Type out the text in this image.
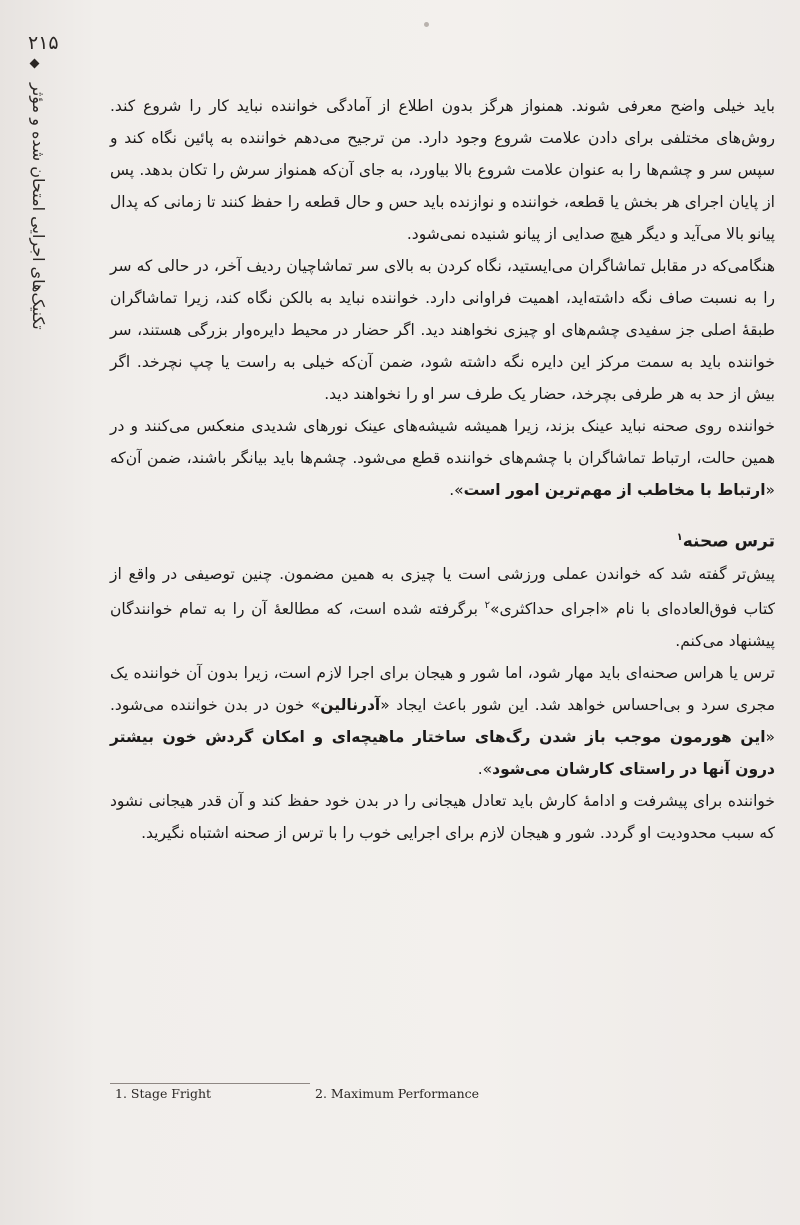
۲۱۵
تکنیک‌های اجرایی امتحان شده و مؤثر	باید خیلی واضح معرفی شوند. همنواز هرگز بدون اطلاع از آمادگی خواننده نباید کار را شروع کند. روش‌های مختلفی برای دادن علامت شروع وجود دارد. من ترجیح می‌دهم خواننده به پائین نگاه کند و سپس سر و چشم‌ها را به عنوان علامت شروع بالا بیاورد، به جای آن‌که همنواز سرش را تکان بدهد. پس از پایان اجرای هر بخش یا قطعه، خواننده و نوازنده باید حس و حال قطعه را حفظ کنند تا زمانی که پدال پیانو بالا می‌آید و دیگر هیچ صدایی از پیانو شنیده نمی‌شود.

هنگامی‌که در مقابل تماشاگران می‌ایستید، نگاه کردن به بالای سر تماشاچیان ردیف آخر، در حالی که سر را به نسبت صاف نگه داشته‌اید، اهمیت فراوانی دارد. خواننده نباید به بالکن نگاه کند، زیرا تماشاگران طبقهٔ اصلی جز سفیدی چشم‌های او چیزی نخواهند دید. اگر حضار در محیط دایره‌وار بزرگی هستند، سر خواننده باید به سمت مرکز این دایره نگه داشته شود، ضمن آن‌که خیلی به راست یا چپ نچرخد. اگر بیش از حد به هر طرفی بچرخد، حضار یک طرف سر او را نخواهند دید.

خواننده روی صحنه نباید عینک بزند، زیرا همیشه شیشه‌های عینک نورهای شدیدی منعکس می‌کنند و در همین حالت، ارتباط تماشاگران با چشم‌های خواننده قطع می‌شود. چشم‌ها باید بیانگر باشند، ضمن آن‌که «ارتباط با مخاطب از مهم‌ترین امور است».

ترس صحنه$^۱$

پیش‌تر گفته شد که خواندن عملی ورزشی است یا چیزی به همین مضمون. چنین توصیفی در واقع از کتاب فوق‌العاده‌ای با نام «اجرای حداکثری»$^۲$ برگرفته شده است، که مطالعهٔ آن را به تمام خوانندگان پیشنهاد می‌کنم.

ترس یا هراس صحنه‌ای باید مهار شود، اما شور و هیجان برای اجرا لازم است، زیرا بدون آن خواننده یک مجری سرد و بی‌احساس خواهد شد. این شور باعث ایجاد «آدرنالین» خون در بدن خواننده می‌شود. «این هورمون موجب باز شدن رگ‌های ساختار ماهیچه‌ای و امکان گردش خون بیشتر درون آنها در راستای کارشان می‌شود».

خواننده برای پیشرفت و ادامهٔ کارش باید تعادل هیجانی را در بدن خود حفظ کند و آن قدر هیجانی نشود که سبب محدودیت او گردد. شور و هیجان لازم برای اجرایی خوب را با ترس از صحنه اشتباه نگیرید.

1. Stage Fright	2. Maximum Performance
